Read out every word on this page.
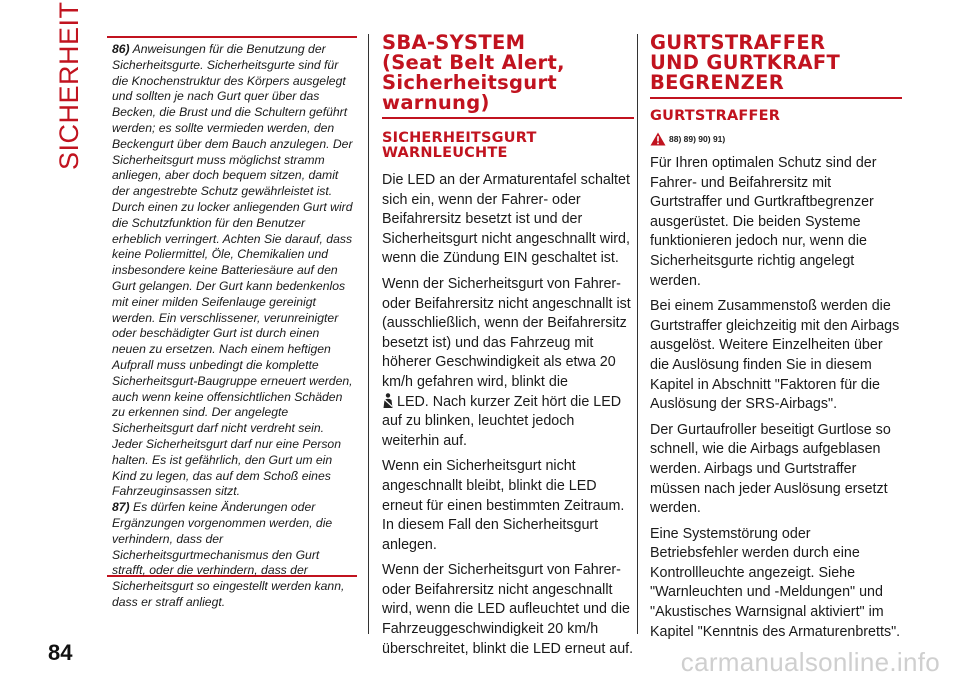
SICHERHEIT
84	carmanualsonline.info

86) Anweisungen für die Benutzung der Sicherheitsgurte. Sicherheitsgurte sind für die Knochenstruktur des Körpers ausgelegt und sollten je nach Gurt quer über das Becken, die Brust und die Schultern geführt werden; es sollte vermieden werden, den Beckengurt über dem Bauch anzulegen. Der Sicherheitsgurt muss möglichst stramm anliegen, aber doch bequem sitzen, damit der angestrebte Schutz gewährleistet ist. Durch einen zu locker anliegenden Gurt wird die Schutzfunktion für den Benutzer erheblich verringert. Achten Sie darauf, dass keine Poliermittel, Öle, Chemikalien und insbesondere keine Batteriesäure auf den Gurt gelangen. Der Gurt kann bedenkenlos mit einer milden Seifenlauge gereinigt werden. Ein verschlissener, verunreinigter oder beschädigter Gurt ist durch einen neuen zu ersetzen. Nach einem heftigen Aufprall muss unbedingt die komplette Sicherheitsgurt-Baugruppe erneuert werden, auch wenn keine offensichtlichen Schäden zu erkennen sind. Der angelegte Sicherheitsgurt darf nicht verdreht sein. Jeder Sicherheitsgurt darf nur eine Person halten. Es ist gefährlich, den Gurt um ein Kind zu legen, das auf dem Schoß eines Fahrzeuginsassen sitzt.

87) Es dürfen keine Änderungen oder Ergänzungen vorgenommen werden, die verhindern, dass der Sicherheitsgurtmechanismus den Gurt strafft, oder die verhindern, dass der Sicherheitsgurt so eingestellt werden kann, dass er straff anliegt.

SBA-SYSTEM
(Seat Belt Alert,
Sicherheitsgurt
warnung)
SICHERHEITSGURT
WARNLEUCHTE

Die LED an der Armaturentafel schaltet sich ein, wenn der Fahrer- oder Beifahrersitz besetzt ist und der Sicherheitsgurt nicht angeschnallt wird, wenn die Zündung EIN geschaltet ist.

Wenn der Sicherheitsgurt von Fahrer- oder Beifahrersitz nicht angeschnallt ist (ausschließlich, wenn der Beifahrersitz besetzt ist) und das Fahrzeug mit höherer Geschwindigkeit als etwa 20 km/h gefahren wird, blinkt die
LED. Nach kurzer Zeit hört die LED auf zu blinken, leuchtet jedoch weiterhin auf.

Wenn ein Sicherheitsgurt nicht angeschnallt bleibt, blinkt die LED erneut für einen bestimmten Zeitraum. In diesem Fall den Sicherheitsgurt anlegen.

Wenn der Sicherheitsgurt von Fahrer- oder Beifahrersitz nicht angeschnallt wird, wenn die LED aufleuchtet und die Fahrzeuggeschwindigkeit 20 km/h überschreitet, blinkt die LED erneut auf.

GURTSTRAFFER
UND GURTKRAFT
BEGRENZER
GURTSTRAFFER
88) 89) 90) 91)

Für Ihren optimalen Schutz sind der Fahrer- und Beifahrersitz mit Gurtstraffer und Gurtkraftbegrenzer ausgerüstet. Die beiden Systeme funktionieren jedoch nur, wenn die Sicherheitsgurte richtig angelegt werden.

Bei einem Zusammenstoß werden die Gurtstraffer gleichzeitig mit den Airbags ausgelöst. Weitere Einzelheiten über die Auslösung finden Sie in diesem Kapitel in Abschnitt "Faktoren für die Auslösung der SRS-Airbags".

Der Gurtaufroller beseitigt Gurtlose so schnell, wie die Airbags aufgeblasen werden. Airbags und Gurtstraffer müssen nach jeder Auslösung ersetzt werden.

Eine Systemstörung oder Betriebsfehler werden durch eine Kontrollleuchte angezeigt. Siehe "Warnleuchten und -Meldungen" und "Akustisches Warnsignal aktiviert" im Kapitel "Kenntnis des Armaturenbretts".
